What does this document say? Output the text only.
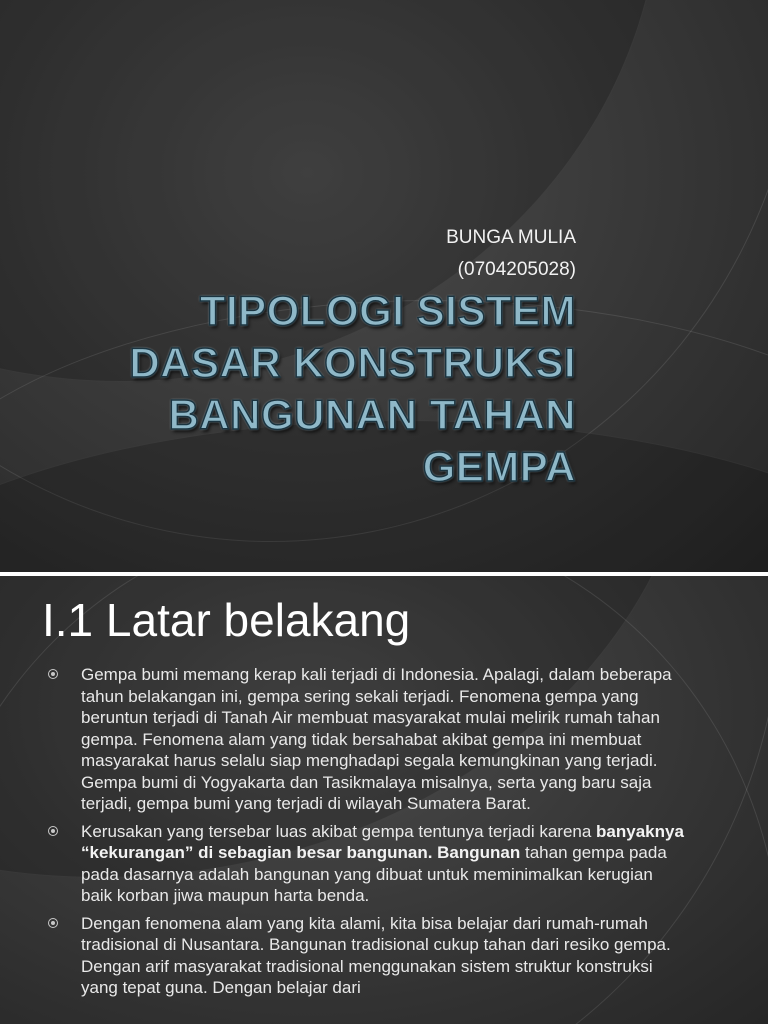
BUNGA MULIA
(0704205028)
TIPOLOGI SISTEM
DASAR KONSTRUKSI
BANGUNAN TAHAN
GEMPA
I.1 Latar belakang
Gempa bumi memang kerap kali terjadi di Indonesia. Apalagi, dalam beberapa tahun belakangan ini, gempa sering sekali terjadi. Fenomena gempa yang beruntun terjadi di Tanah Air membuat masyarakat mulai melirik rumah tahan gempa. Fenomena alam yang tidak bersahabat akibat gempa ini membuat masyarakat harus selalu siap menghadapi segala kemungkinan yang terjadi. Gempa bumi di Yogyakarta dan Tasikmalaya misalnya, serta yang baru saja terjadi, gempa bumi yang terjadi di wilayah Sumatera Barat.
Kerusakan yang tersebar luas akibat gempa tentunya terjadi karena banyaknya “kekurangan” di sebagian besar bangunan. Bangunan tahan gempa pada pada dasarnya adalah bangunan yang dibuat untuk meminimalkan kerugian baik korban jiwa maupun harta benda.
Dengan fenomena alam yang kita alami, kita bisa belajar dari rumah-rumah tradisional di Nusantara. Bangunan tradisional cukup tahan dari resiko gempa. Dengan arif masyarakat tradisional menggunakan sistem struktur konstruksi yang tepat guna. Dengan belajar dari
